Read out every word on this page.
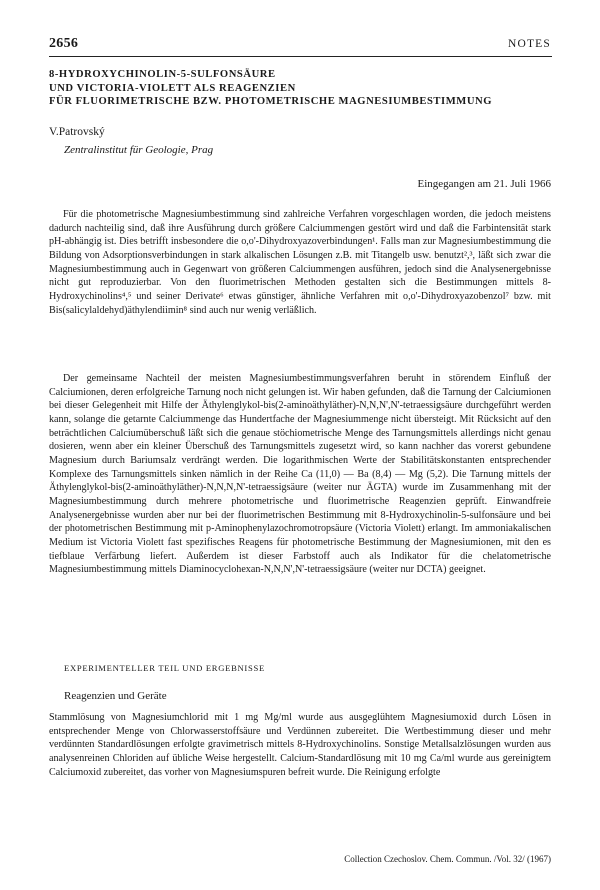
2656	NOTES
8-HYDROXYCHINOLIN-5-SULFONSÄURE
UND VICTORIA-VIOLETT ALS REAGENZIEN
FÜR FLUORIMETRISCHE BZW. PHOTOMETRISCHE MAGNESIUMBESTIMMUNG
V.Patrovský
Zentralinstitut für Geologie, Prag
Eingegangen am 21. Juli 1966

Für die photometrische Magnesiumbestimmung sind zahlreiche Verfahren vorgeschlagen worden, die jedoch meistens dadurch nachteilig sind, daß ihre Ausführung durch größere Calciummengen gestört wird und daß die Farbintensität stark pH-abhängig ist. Dies betrifft insbesondere die o,o'-Dihydroxyazoverbindungen¹. Falls man zur Magnesiumbestimmung die Bildung von Adsorptionsverbindungen in stark alkalischen Lösungen z.B. mit Titangelb usw. benutzt²,³, läßt sich zwar die Magnesiumbestimmung auch in Gegenwart von größeren Calciummengen ausführen, jedoch sind die Analysenergebnisse nicht gut reproduzierbar. Von den fluorimetrischen Methoden gestalten sich die Bestimmungen mittels 8-Hydroxychinolins⁴,⁵ und seiner Derivate⁶ etwas günstiger, ähnliche Verfahren mit o,o'-Dihydroxyazobenzol⁷ bzw. mit Bis(salicylaldehyd)äthylendiimin⁸ sind auch nur wenig verläßlich.

Der gemeinsame Nachteil der meisten Magnesiumbestimmungsverfahren beruht in störendem Einfluß der Calciumionen, deren erfolgreiche Tarnung noch nicht gelungen ist. Wir haben gefunden, daß die Tarnung der Calciumionen bei dieser Gelegenheit mit Hilfe der Äthylenglykol-bis(2-aminoäthyläther)-N,N,N',N'-tetraessigsäure durchgeführt werden kann, solange die getarnte Calciummenge das Hundertfache der Magnesiummenge nicht übersteigt. Mit Rücksicht auf den beträchtlichen Calciumüberschuß läßt sich die genaue stöchiometrische Menge des Tarnungsmittels allerdings nicht genau dosieren, wenn aber ein kleiner Überschuß des Tarnungsmittels zugesetzt wird, so kann nachher das vorerst gebundene Magnesium durch Bariumsalz verdrängt werden. Die logarithmischen Werte der Stabilitätskonstanten entsprechender Komplexe des Tarnungsmittels sinken nämlich in der Reihe Ca (11,0) — Ba (8,4) — Mg (5,2). Die Tarnung mittels der Äthylenglykol-bis(2-aminoäthyläther)-N,N,N,N'-tetraessigsäure (weiter nur ÄGTA) wurde im Zusammenhang mit der Magnesiumbestimmung durch mehrere photometrische und fluorimetrische Reagenzien geprüft. Einwandfreie Analysenergebnisse wurden aber nur bei der fluorimetrischen Bestimmung mit 8-Hydroxychinolin-5-sulfonsäure und bei der photometrischen Bestimmung mit p-Aminophenylazochromotropsäure (Victoria Violett) erlangt. Im ammoniakalischen Medium ist Victoria Violett fast spezifisches Reagens für photometrische Bestimmung der Magnesiumionen, mit den es tiefblaue Verfärbung liefert. Außerdem ist dieser Farbstoff auch als Indikator für die chelatometrische Magnesiumbestimmung mittels Diaminocyclohexan-N,N,N',N'-tetraessigsäure (weiter nur DCTA) geeignet.

EXPERIMENTELLER TEIL UND ERGEBNISSE
Reagenzien und Geräte

Stammlösung von Magnesiumchlorid mit 1 mg Mg/ml wurde aus ausgeglühtem Magnesiumoxid durch Lösen in entsprechender Menge von Chlorwasserstoffsäure und Verdünnen zubereitet. Die Wertbestimmung dieser und mehr verdünnten Standardlösungen erfolgte gravimetrisch mittels 8-Hydroxychinolins. Sonstige Metallsalzlösungen wurden aus analysenreinen Chloriden auf übliche Weise hergestellt. Calcium-Standardlösung mit 10 mg Ca/ml wurde aus gereinigtem Calciumoxid zubereitet, das vorher von Magnesiumspuren befreit wurde. Die Reinigung erfolgte

Collection Czechoslov. Chem. Commun. /Vol. 32/ (1967)
